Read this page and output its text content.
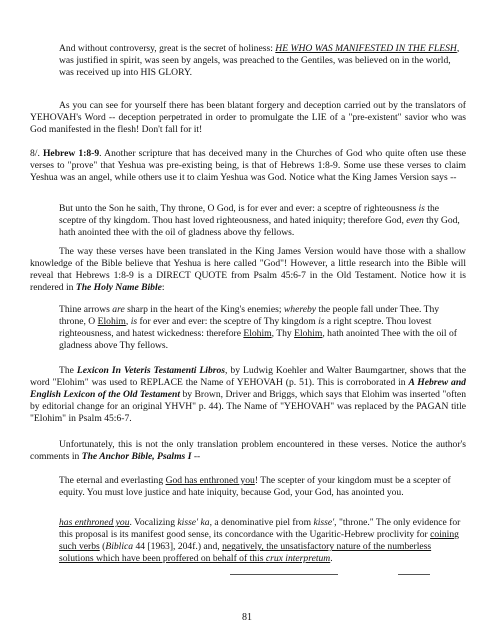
And without controversy, great is the secret of holiness: HE WHO WAS MANIFESTED IN THE FLESH, was justified in spirit, was seen by angels, was preached to the Gentiles, was believed on in the world, was received up into HIS GLORY.

As you can see for yourself there has been blatant forgery and deception carried out by the translators of YEHOVAH's Word -- deception perpetrated in order to promulgate the LIE of a "pre-existent" savior who was God manifested in the flesh! Don't fall for it!

8/. Hebrew 1:8-9. Another scripture that has deceived many in the Churches of God who quite often use these verses to "prove" that Yeshua was pre-existing being, is that of Hebrews 1:8-9. Some use these verses to claim Yeshua was an angel, while others use it to claim Yeshua was God. Notice what the King James Version says --

But unto the Son he saith, Thy throne, O God, is for ever and ever: a sceptre of righteousness is the sceptre of thy kingdom. Thou hast loved righteousness, and hated iniquity; therefore God, even thy God, hath anointed thee with the oil of gladness above thy fellows.

The way these verses have been translated in the King James Version would have those with a shallow knowledge of the Bible believe that Yeshua is here called "God"! However, a little research into the Bible will reveal that Hebrews 1:8-9 is a DIRECT QUOTE from Psalm 45:6-7 in the Old Testament. Notice how it is rendered in The Holy Name Bible:

Thine arrows are sharp in the heart of the King's enemies; whereby the people fall under Thee. Thy throne, O Elohim, is for ever and ever: the sceptre of Thy kingdom is a right sceptre. Thou lovest righteousness, and hatest wickedness: therefore Elohim, Thy Elohim, hath anointed Thee with the oil of gladness above Thy fellows.

The Lexicon In Veteris Testamenti Libros, by Ludwig Koehler and Walter Baumgartner, shows that the word "Elohim" was used to REPLACE the Name of YEHOVAH (p. 51). This is corroborated in A Hebrew and English Lexicon of the Old Testament by Brown, Driver and Briggs, which says that Elohim was inserted "often by editorial change for an original YHVH" p. 44). The Name of "YEHOVAH" was replaced by the PAGAN title "Elohim" in Psalm 45:6-7.

Unfortunately, this is not the only translation problem encountered in these verses. Notice the author's comments in The Anchor Bible, Psalms I --

The eternal and everlasting God has enthroned you! The scepter of your kingdom must be a scepter of equity. You must love justice and hate iniquity, because God, your God, has anointed you.

has enthroned you. Vocalizing kisse' ka, a denominative piel from kisse', "throne." The only evidence for this proposal is its manifest good sense, its concordance with the Ugaritic-Hebrew proclivity for coining such verbs (Biblica 44 [1963], 204f.) and, negatively, the unsatisfactory nature of the numberless solutions which have been proffered on behalf of this crux interpretum.

81
